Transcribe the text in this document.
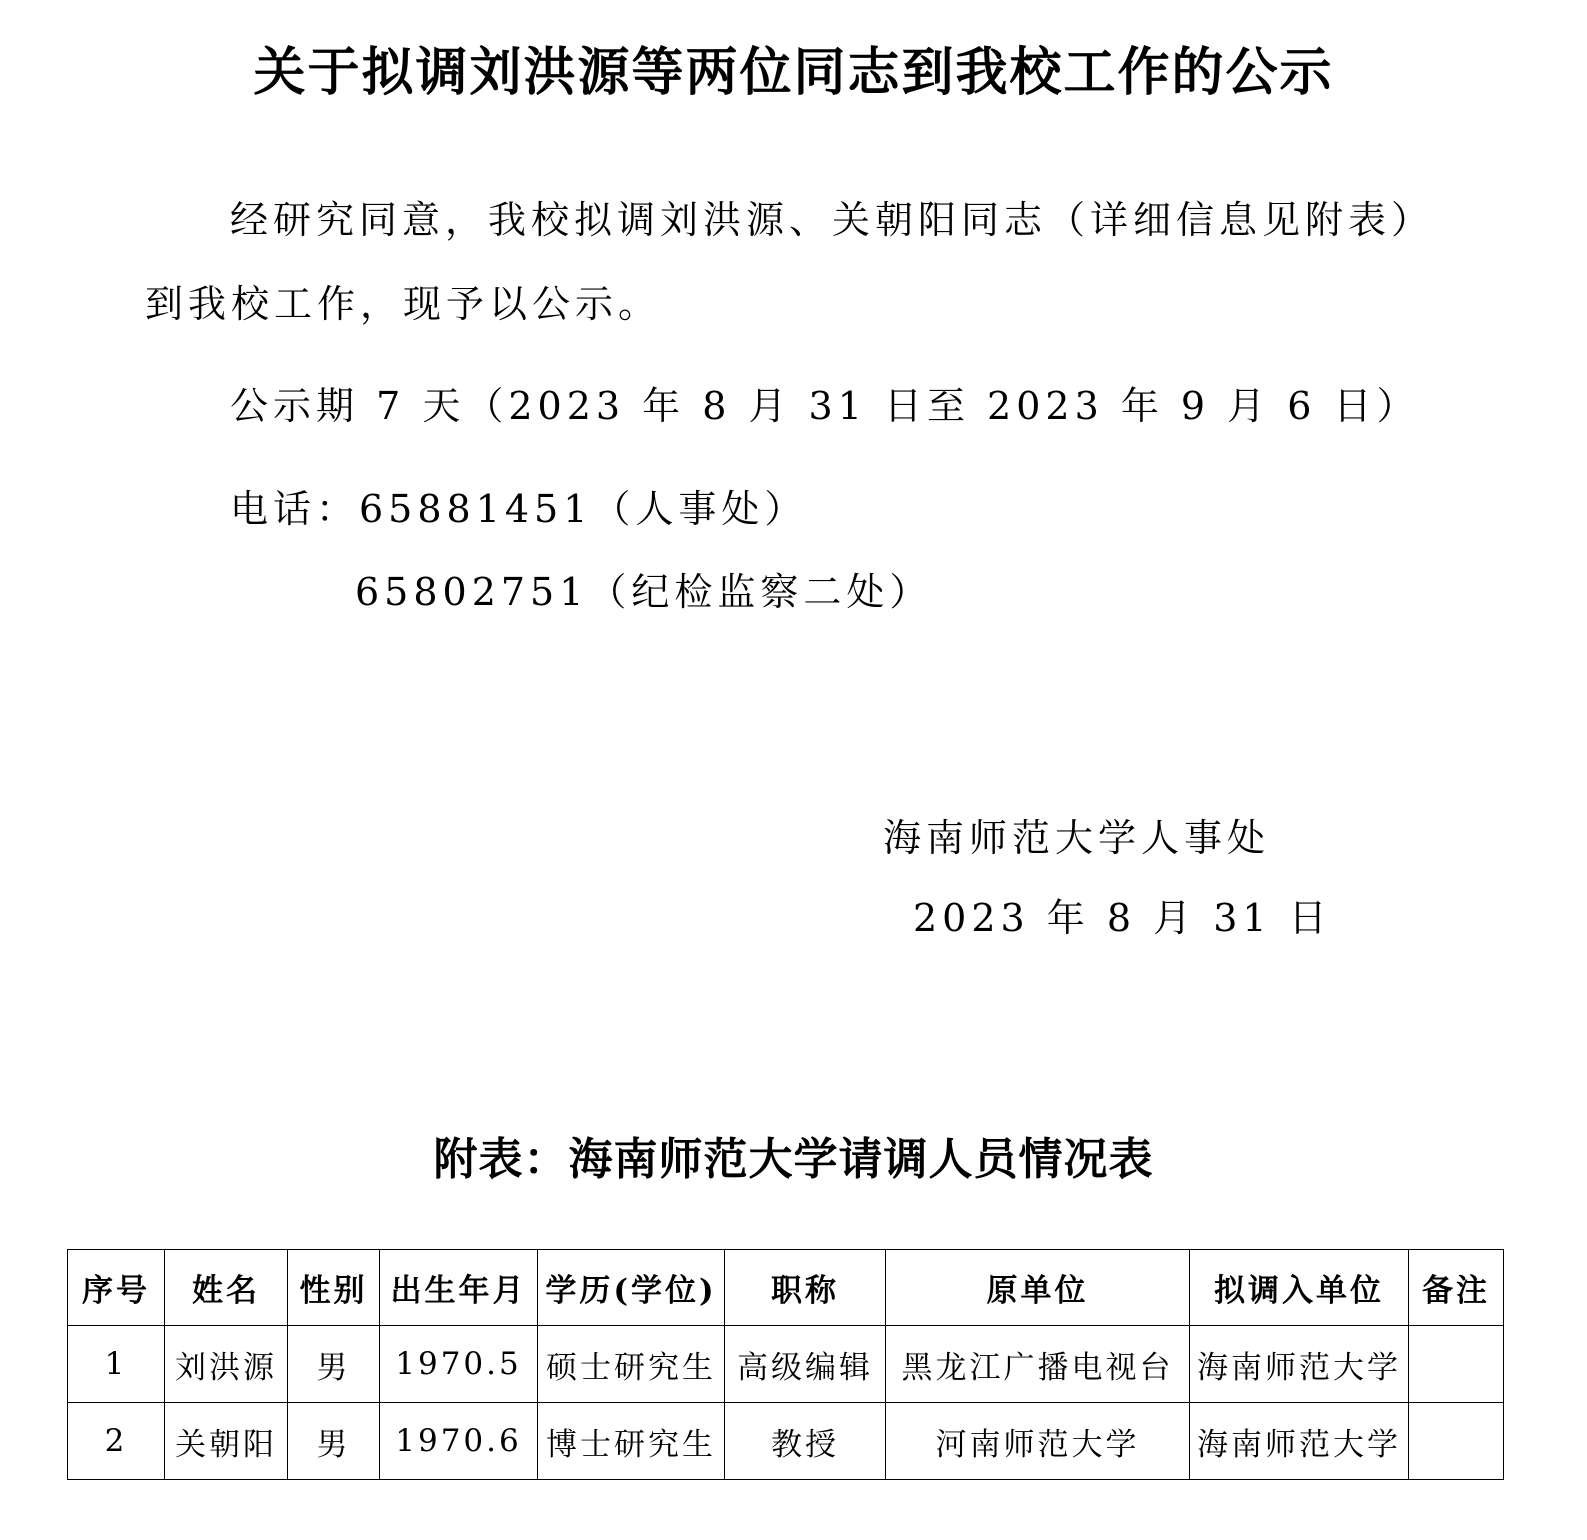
关于拟调刘洪源等两位同志到我校工作的公示

经研究同意，我校拟调刘洪源、关朝阳同志（详细信息见附表）

到我校工作，现予以公示。

公示期 7 天（2023 年 8 月 31 日至 2023 年 9 月 6 日）

电话：65881451（人事处）

65802751（纪检监察二处）

海南师范大学人事处

2023 年 8 月 31 日

附表：海南师范大学请调人员情况表
序号	姓名	性别	出生年月	学历(学位)	职称	原单位	拟调入单位	备注
1	刘洪源	男	1970.5	硕士研究生	高级编辑	黑龙江广播电视台	海南师范大学	
2	关朝阳	男	1970.6	博士研究生	教授	河南师范大学	海南师范大学	
